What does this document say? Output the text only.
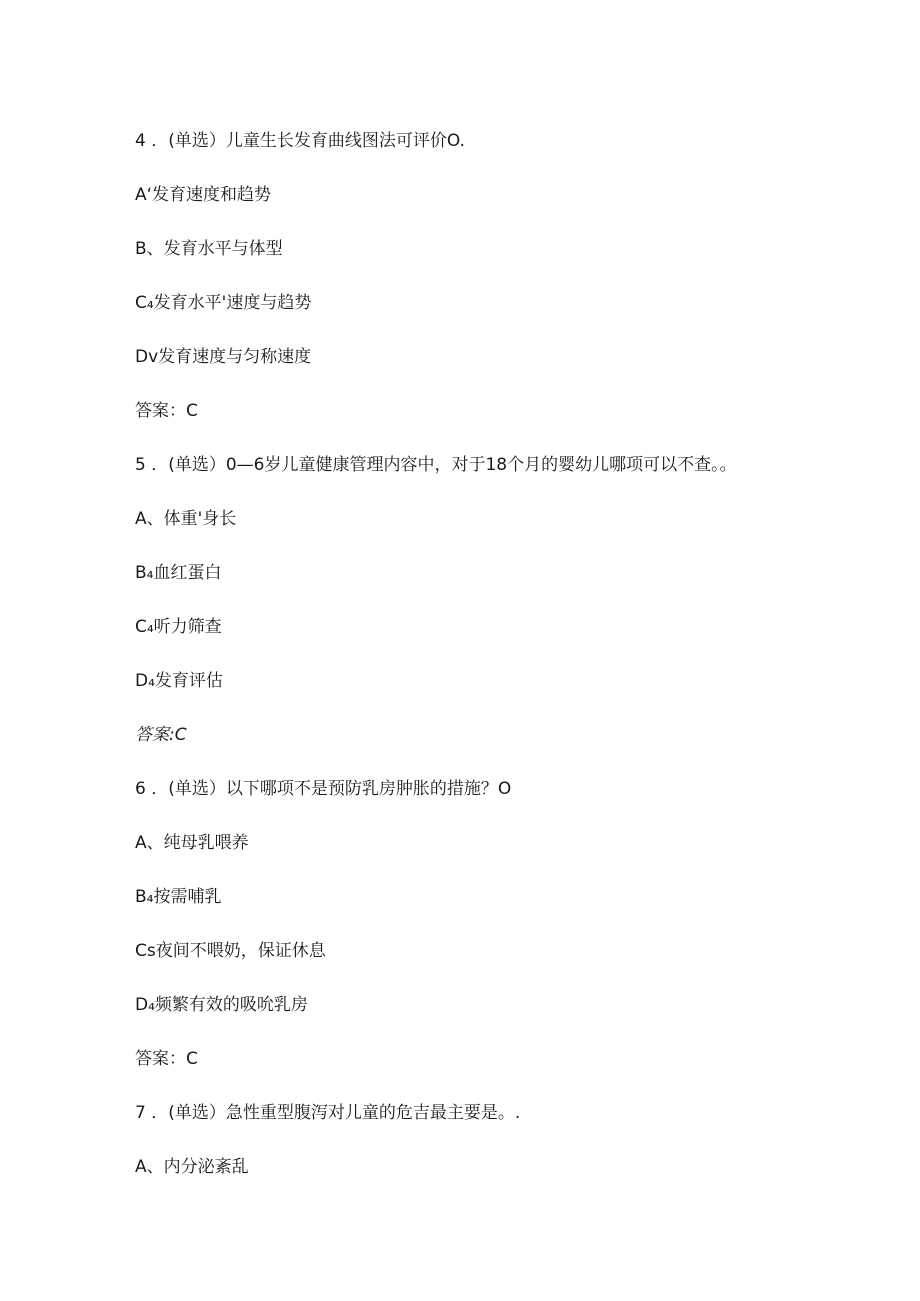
4 ．(单选）儿童生长发育曲线图法可评价O.
A‘发育速度和趋势
B、发育水平与体型
C₄发育水平'速度与趋势
Dv发育速度与匀称速度
答案：C
5 ．(单选）0—6岁儿童健康管理内容中，对于18个月的婴幼儿哪项可以不查。。
A、体重'身长
B₄血红蛋白
C₄听力筛查
D₄发育评估
答案:C
6 ．(单选）以下哪项不是预防乳房肿胀的措施？O
A、纯母乳喂养
B₄按需哺乳
Cs夜间不喂奶，保证休息
D₄频繁有效的吸吮乳房
答案：C
7 ．(单选）急性重型腹泻对儿童的危吉最主要是。.
A、内分泌紊乱
